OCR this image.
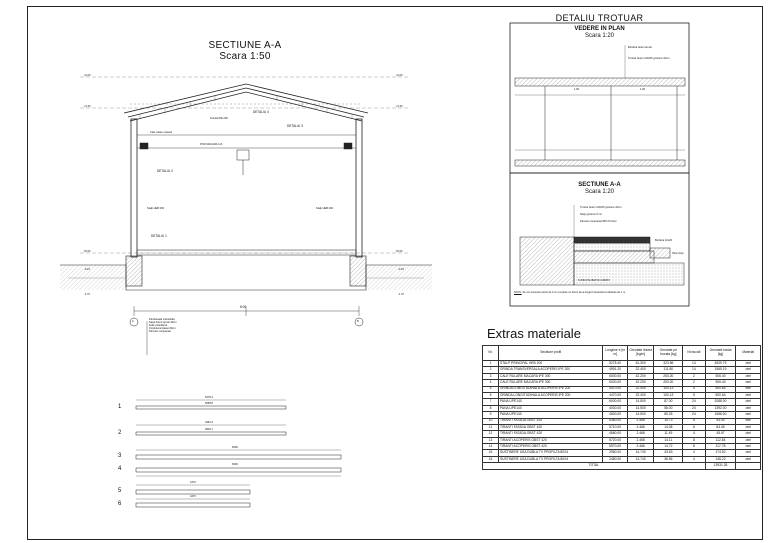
SECTIUNE A-A
Scara 1:50
DETALIU 3
DETALIU 4
DETALIU 2
DETALIU 1
Grinda IPE 200
POD MACARA 3.2t
Stalp HEB 200	Stalp HEB 200
Cale rulare macara
+6.00	+6.00
+5.40	+5.40
±0.00	±0.00
-0.15	-0.15
-1.70	-1.70
8.00
A	B
Pardoseala industriala
Sapa beton armat 10cm
Folie polietilena
Umplutura balast 20cm
Pamant compactat
DETALIU TROTUAR
VEDERE IN PLAN
Scara 1:20
Bordura beton armat
Trotuar beton C20/25 grosime 10cm
1.00	1.00
SECTIUNE A-A
Scara 1:20
Trotuar beton C20/25 grosime 10cm
Nisip grosime 5 cm
Pamant compactat 95% Proctor
Bordura 10x20
Strat nisip
FUNDATIE BETON ARMAT
NOTA: Se vor executa rosturi de 2 cm umplute cu bitum de-a lungul trotuarului la distanta de 1 m.
1
2
3
4
5
6
5278.4
5058.8
4991.2
4804.7
6000
6000
4470
4470
Extras materiale
Nr.	Sectiune profil	Lungime e [m m]	Greutate liniara [kg/m]	Greutate pe bucata [kg]	Nr.bucati	Greutate totala [kg]	Material
1	STALP PRINCIPAL HEB 200	5278.40	61.300	323.56	14	4529.79	otel
2	GRINDA TRANSVERSALA ACOPERIS IPE 200	4991.20	22.400	111.80	14	1565.19	otel
3	CALE RULARE MACARA IPE 300	6000.00	42.200	253.20	2	506.40	otel
4	CALE RULARE MACARA IPE 300	6000.00	42.200	253.20	2	506.40	otel
5	GRINDA LONGITUDINALA ACOPERIS IPE 200	4470.00	22.400	100.13	5	500.64	otel
6	GRINDA LONGITUDINALA ACOPERIS IPE 200	4470.00	22.400	100.13	5	500.64	otel
7	PANA UPE140	6000.00	14.500	87.00	24	2088.00	otel
8	PANA UPE140	4000.00	14.500	58.00	24	1392.00	otel
9	PANA UPE140	4500.00	14.500	65.25	24	1566.00	otel
10	TIRANTI FATADA OBST 420	6380.00	2.466	15.73	6	94.40	otel
11	TIRANTI FATADA OBST 420	5710.00	2.466	14.08	6	84.49	otel
12	TIRANTI FATADA OBST 420	4660.00	2.466	11.49	4	45.97	otel
13	TIRANTI ACOPERIS OBST 420	5720.00	2.466	14.11	8	112.84	otel
14	TIRANTI ACOPERIS OBST 420	5970.00	2.466	14.72	8	117.78	otel
15	SUSTINERE USA DUBLA TV PROFILTA 80X4	2960.00	14.740	43.63	4	174.52	otel
16	SUSTINERE USA DUBLA TV PROFILTA 80X4	2480.00	14.740	36.56	4	146.22	otel
TOTAL						13931.28	
